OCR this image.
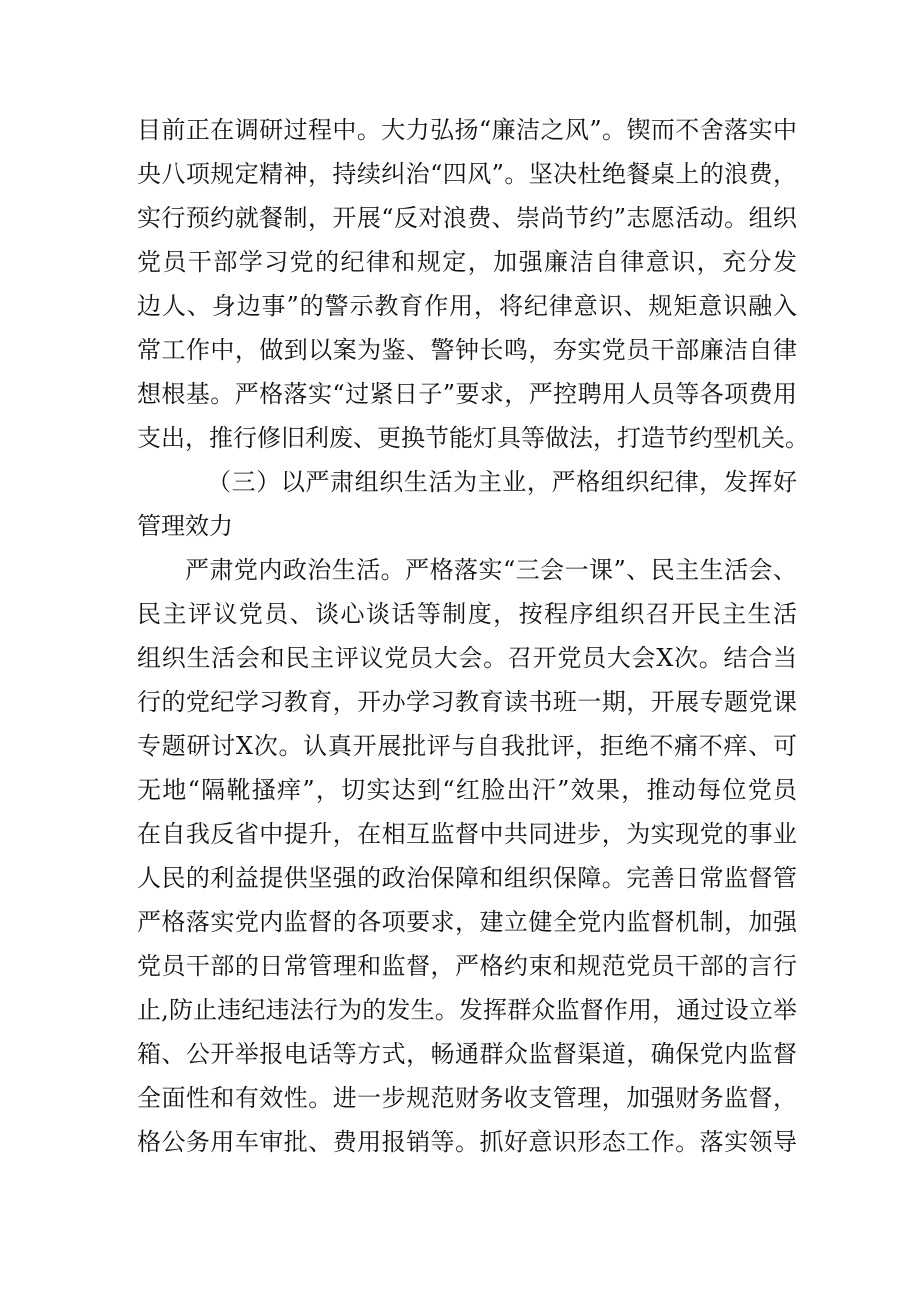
目前正在调研过程中。大力弘扬“廉洁之风”。锲而不舍落实中
央八项规定精神，持续纠治“四风”。坚决杜绝餐桌上的浪费，
实行预约就餐制，开展“反对浪费、崇尚节约”志愿活动。组织
党员干部学习党的纪律和规定，加强廉洁自律意识，充分发
边人、身边事”的警示教育作用，将纪律意识、规矩意识融入
常工作中，做到以案为鉴、警钟长鸣，夯实党员干部廉洁自律
想根基。严格落实“过紧日子”要求，严控聘用人员等各项费用
支出，推行修旧利废、更换节能灯具等做法，打造节约型机关。
（三）以严肃组织生活为主业，严格组织纪律，发挥好
管理效力
严肃党内政治生活。严格落实“三会一课”、民主生活会、
民主评议党员、谈心谈话等制度，按程序组织召开民主生活
组织生活会和民主评议党员大会。召开党员大会X次。结合当
行的党纪学习教育，开办学习教育读书班一期，开展专题党课
专题研讨X次。认真开展批评与自我批评，拒绝不痛不痒、可
无地“隔靴搔痒”，切实达到“红脸出汗”效果，推动每位党员
在自我反省中提升，在相互监督中共同进步，为实现党的事业
人民的利益提供坚强的政治保障和组织保障。完善日常监督管
严格落实党内监督的各项要求，建立健全党内监督机制，加强
党员干部的日常管理和监督，严格约束和规范党员干部的言行
止,防止违纪违法行为的发生。发挥群众监督作用，通过设立举
箱、公开举报电话等方式，畅通群众监督渠道，确保党内监督
全面性和有效性。进一步规范财务收支管理，加强财务监督，
格公务用车审批、费用报销等。抓好意识形态工作。落实领导
